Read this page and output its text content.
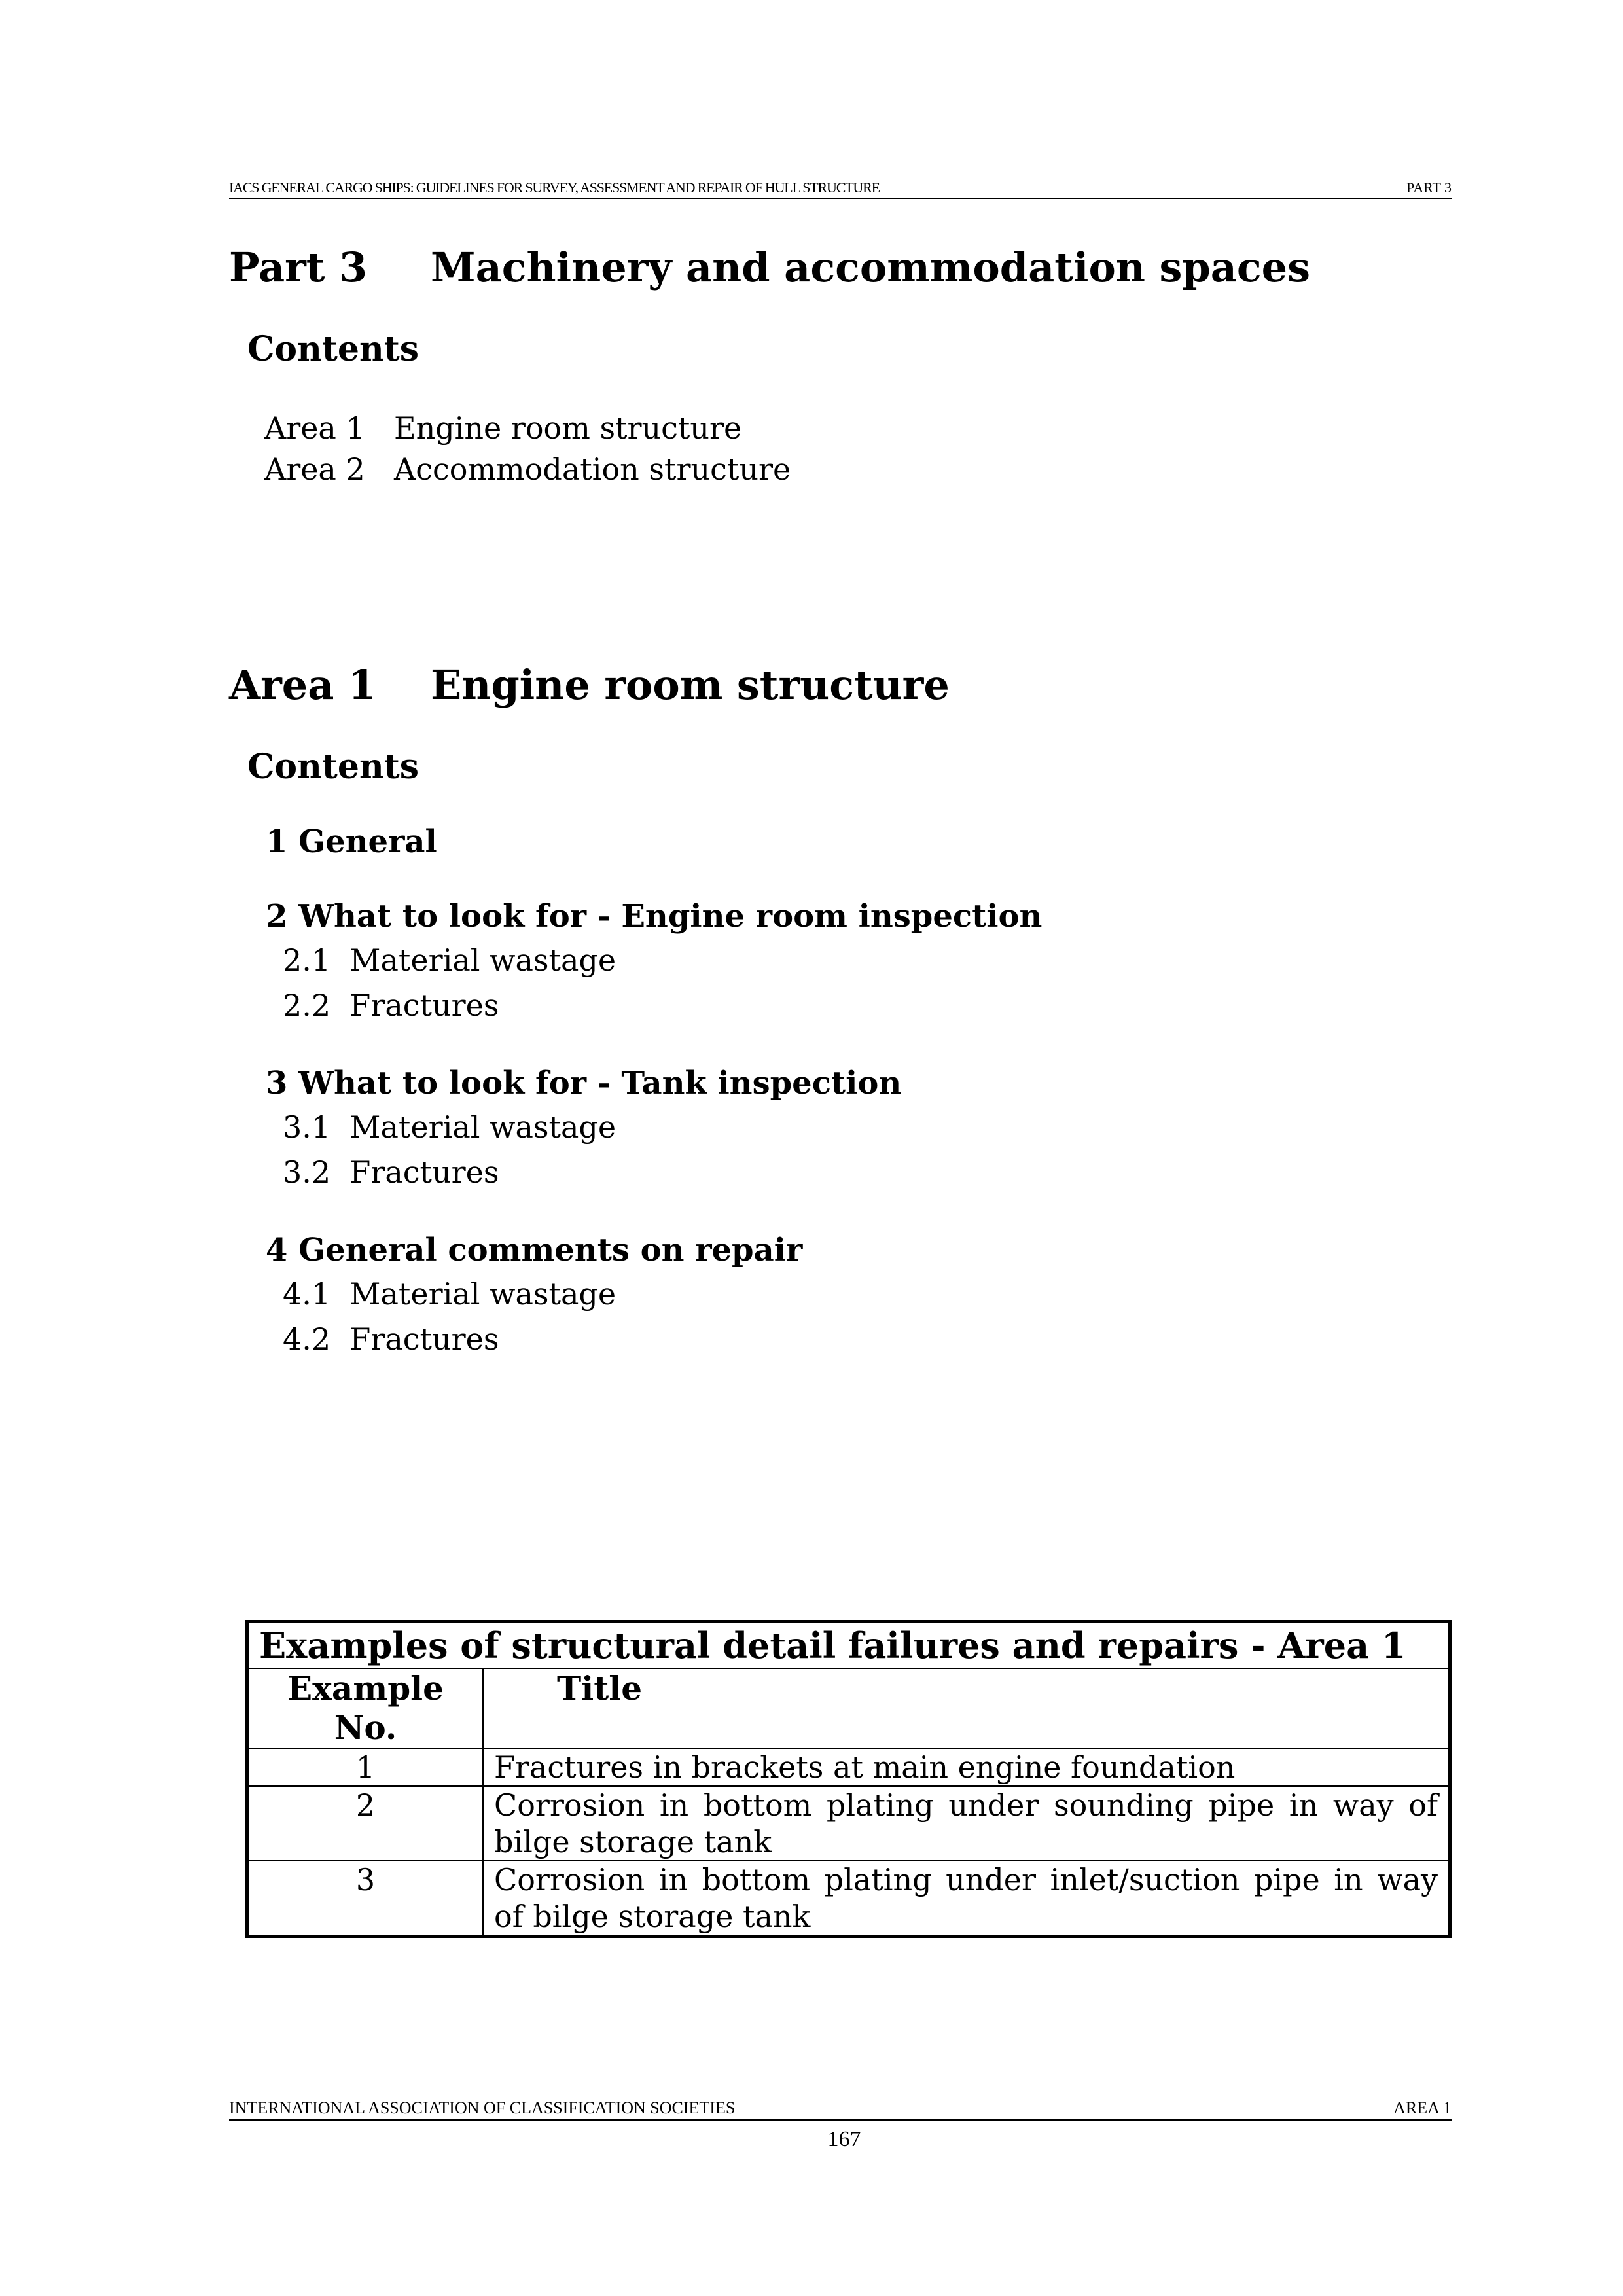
IACS GENERAL CARGO SHIPS: GUIDELINES FOR SURVEY, ASSESSMENT AND REPAIR OF HULL STRUCTURE	PART 3
Part 3 Machinery and accommodation spaces
Contents
Area 1 Engine room structure
Area 2 Accommodation structure
Area 1 Engine room structure
Contents
1 General
2 What to look for - Engine room inspection
2.1 Material wastage
2.2 Fractures
3 What to look for - Tank inspection
3.1 Material wastage
3.2 Fractures
4 General comments on repair
4.1 Material wastage
4.2 Fractures
Examples of structural detail failures and repairs - Area 1	
Example No.	Title
1	Fractures in brackets at main engine foundation
2	Corrosion in bottom plating under sounding pipe in way of bilge storage tank
3	Corrosion in bottom plating under inlet/suction pipe in way of bilge storage tank
INTERNATIONAL ASSOCIATION OF CLASSIFICATION SOCIETIES	AREA 1
167
